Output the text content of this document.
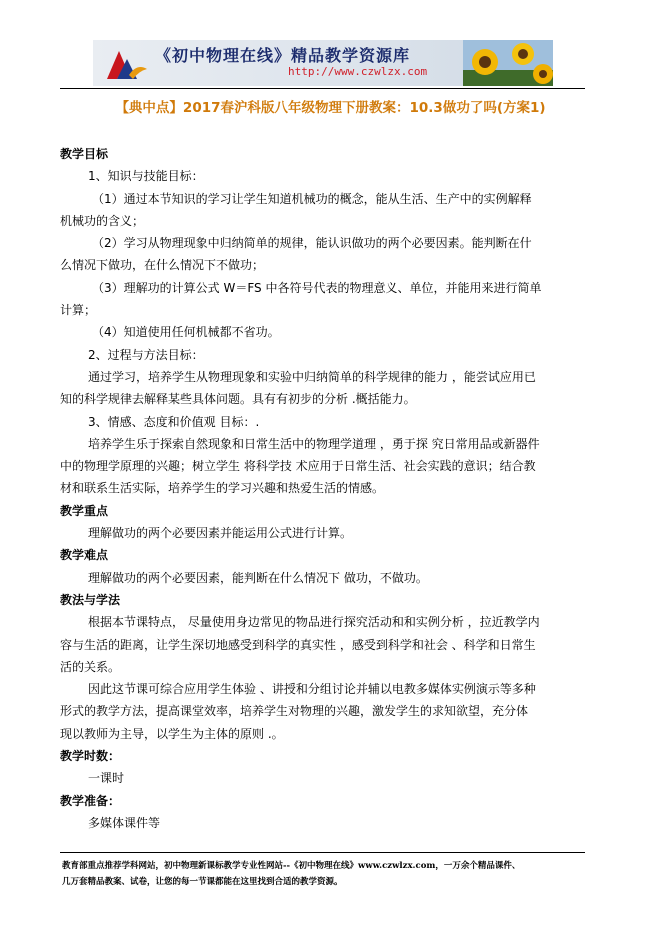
《初中物理在线》精品教学资源库
http://www.czwlzx.com
【典中点】2017春沪科版八年级物理下册教案：10.3做功了吗(方案1)

教学目标

1、知识与技能目标：

（1）通过本节知识的学习让学生知道机械功的概念，能从生活、生产中的实例解释

机械功的含义；

（2）学习从物理现象中归纳简单的规律，能认识做功的两个必要因素。能判断在什

么情况下做功，在什么情况下不做功；

（3）理解功的计算公式 W＝FS 中各符号代表的物理意义、单位，并能用来进行简单

计算；

（4）知道使用任何机械都不省功。

2、过程与方法目标：

通过学习，培养学生从物理现象和实验中归纳简单的科学规律的能力 ，能尝试应用已

知的科学规律去解释某些具体问题。具有有初步的分析 .概括能力。

3、情感、态度和价值观 目标：.

培养学生乐于探索自然现象和日常生活中的物理学道理 ，勇于探 究日常用品或新器件

中的物理学原理的兴趣；树立学生 将科学技 术应用于日常生活、社会实践的意识；结合教

材和联系生活实际，培养学生的学习兴趣和热爱生活的情感。

教学重点

理解做功的两个必要因素并能运用公式进行计算。

教学难点

理解做功的两个必要因素，能判断在什么情况下 做功，不做功。

教法与学法

根据本节课特点， 尽量使用身边常见的物品进行探究活动和和实例分析 ，拉近教学内

容与生活的距离，让学生深切地感受到科学的真实性 ，感受到科学和社会 、科学和日常生

活的关系。

因此这节课可综合应用学生体验 、讲授和分组讨论并辅以电教多媒体实例演示等多种

形式的教学方法，提高课堂效率，培养学生对物理的兴趣，激发学生的求知欲望，充分体

现以教师为主导，以学生为主体的原则 .。

教学时数：

一课时

教学准备：

多媒体课件等

教育部重点推荐学科网站，初中物理新课标教学专业性网站--《初中物理在线》www.czwlzx.com，一万余个精品课件、
几万套精品教案、试卷，让您的每一节课都能在这里找到合适的教学资源。
